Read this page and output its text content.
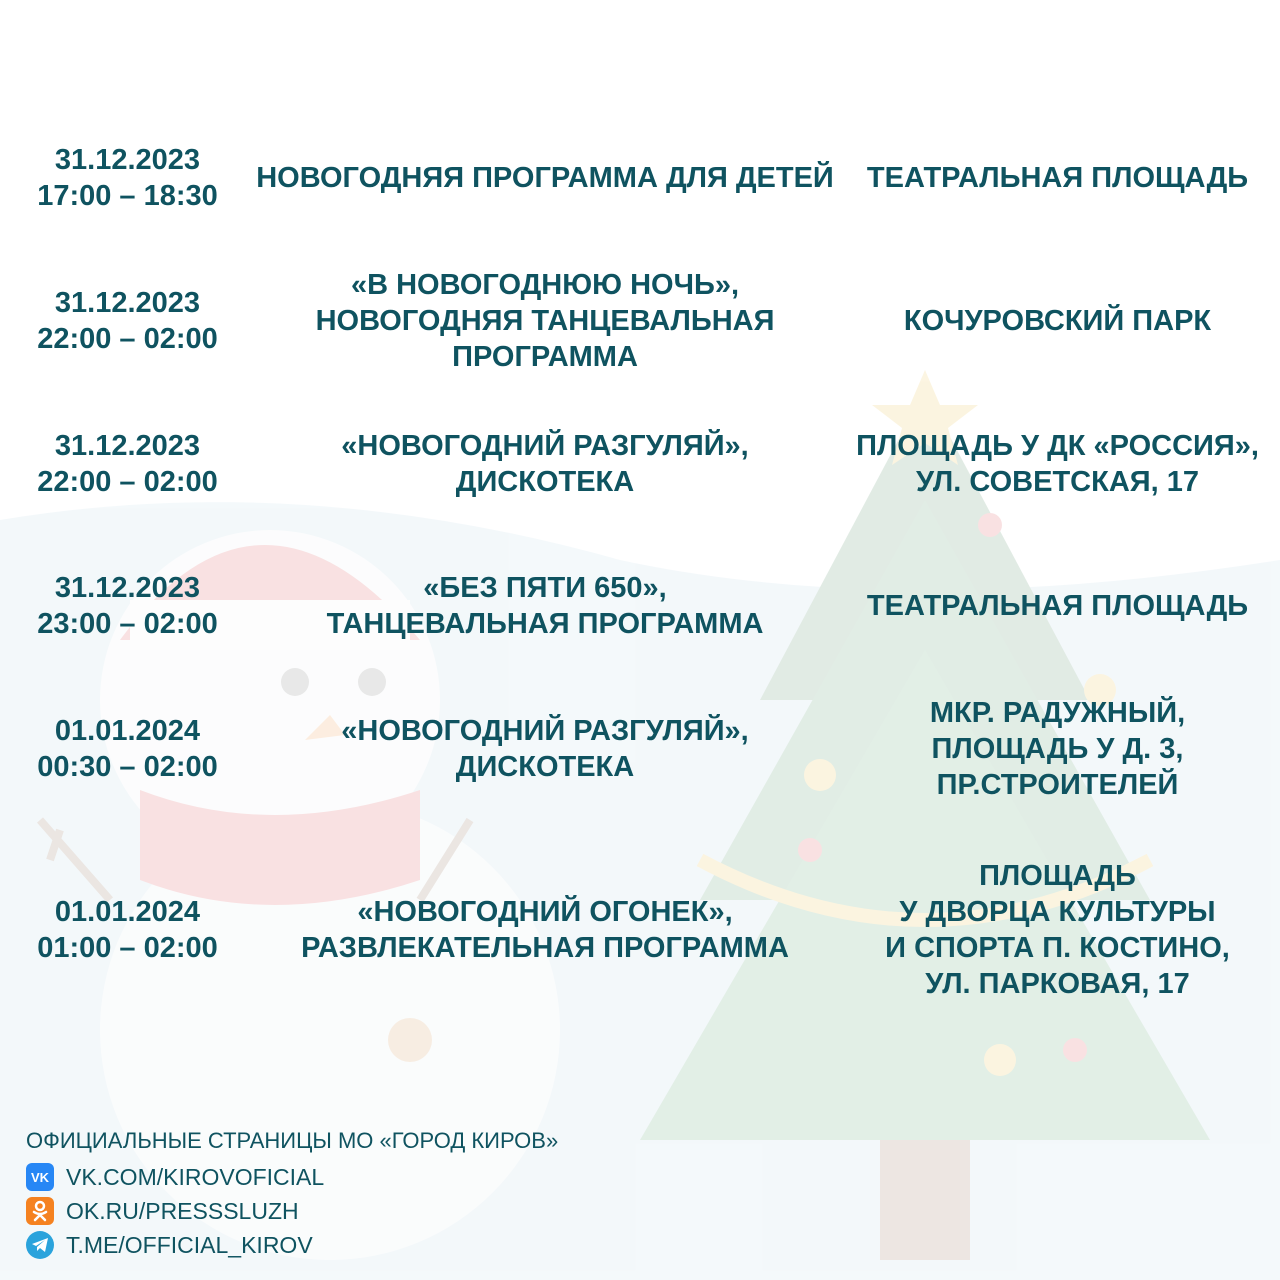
31.12.2023
17:00 – 18:30
НОВОГОДНЯЯ ПРОГРАММА ДЛЯ ДЕТЕЙ ТЕАТРАЛЬНАЯ ПЛОЩАДЬ
31.12.2023
22:00 – 02:00
«В НОВОГОДНЮЮ НОЧЬ»,
НОВОГОДНЯЯ ТАНЦЕВАЛЬНАЯ
ПРОГРАММА
КОЧУРОВСКИЙ ПАРК
31.12.2023
22:00 – 02:00
«НОВОГОДНИЙ РАЗГУЛЯЙ»,
ДИСКОТЕКА
ПЛОЩАДЬ У ДК «РОССИЯ»,
УЛ. СОВЕТСКАЯ, 17
31.12.2023
23:00 – 02:00
«БЕЗ ПЯТИ 650»,
ТАНЦЕВАЛЬНАЯ ПРОГРАММА
ТЕАТРАЛЬНАЯ ПЛОЩАДЬ
01.01.2024
00:30 – 02:00
«НОВОГОДНИЙ РАЗГУЛЯЙ»,
ДИСКОТЕКА
МКР. РАДУЖНЫЙ,
ПЛОЩАДЬ У Д. 3,
ПР.СТРОИТЕЛЕЙ
01.01.2024
01:00 – 02:00
«НОВОГОДНИЙ ОГОНЕК»,
РАЗВЛЕКАТЕЛЬНАЯ ПРОГРАММА
ПЛОЩАДЬ
У ДВОРЦА КУЛЬТУРЫ
И СПОРТА П. КОСТИНО,
УЛ. ПАРКОВАЯ, 17
ОФИЦИАЛЬНЫЕ СТРАНИЦЫ МО «ГОРОД КИРОВ»
VK VK.COM/KIROVOFICIAL
OK.RU/PRESSSLUZH
T.ME/OFFICIAL_KIROV
